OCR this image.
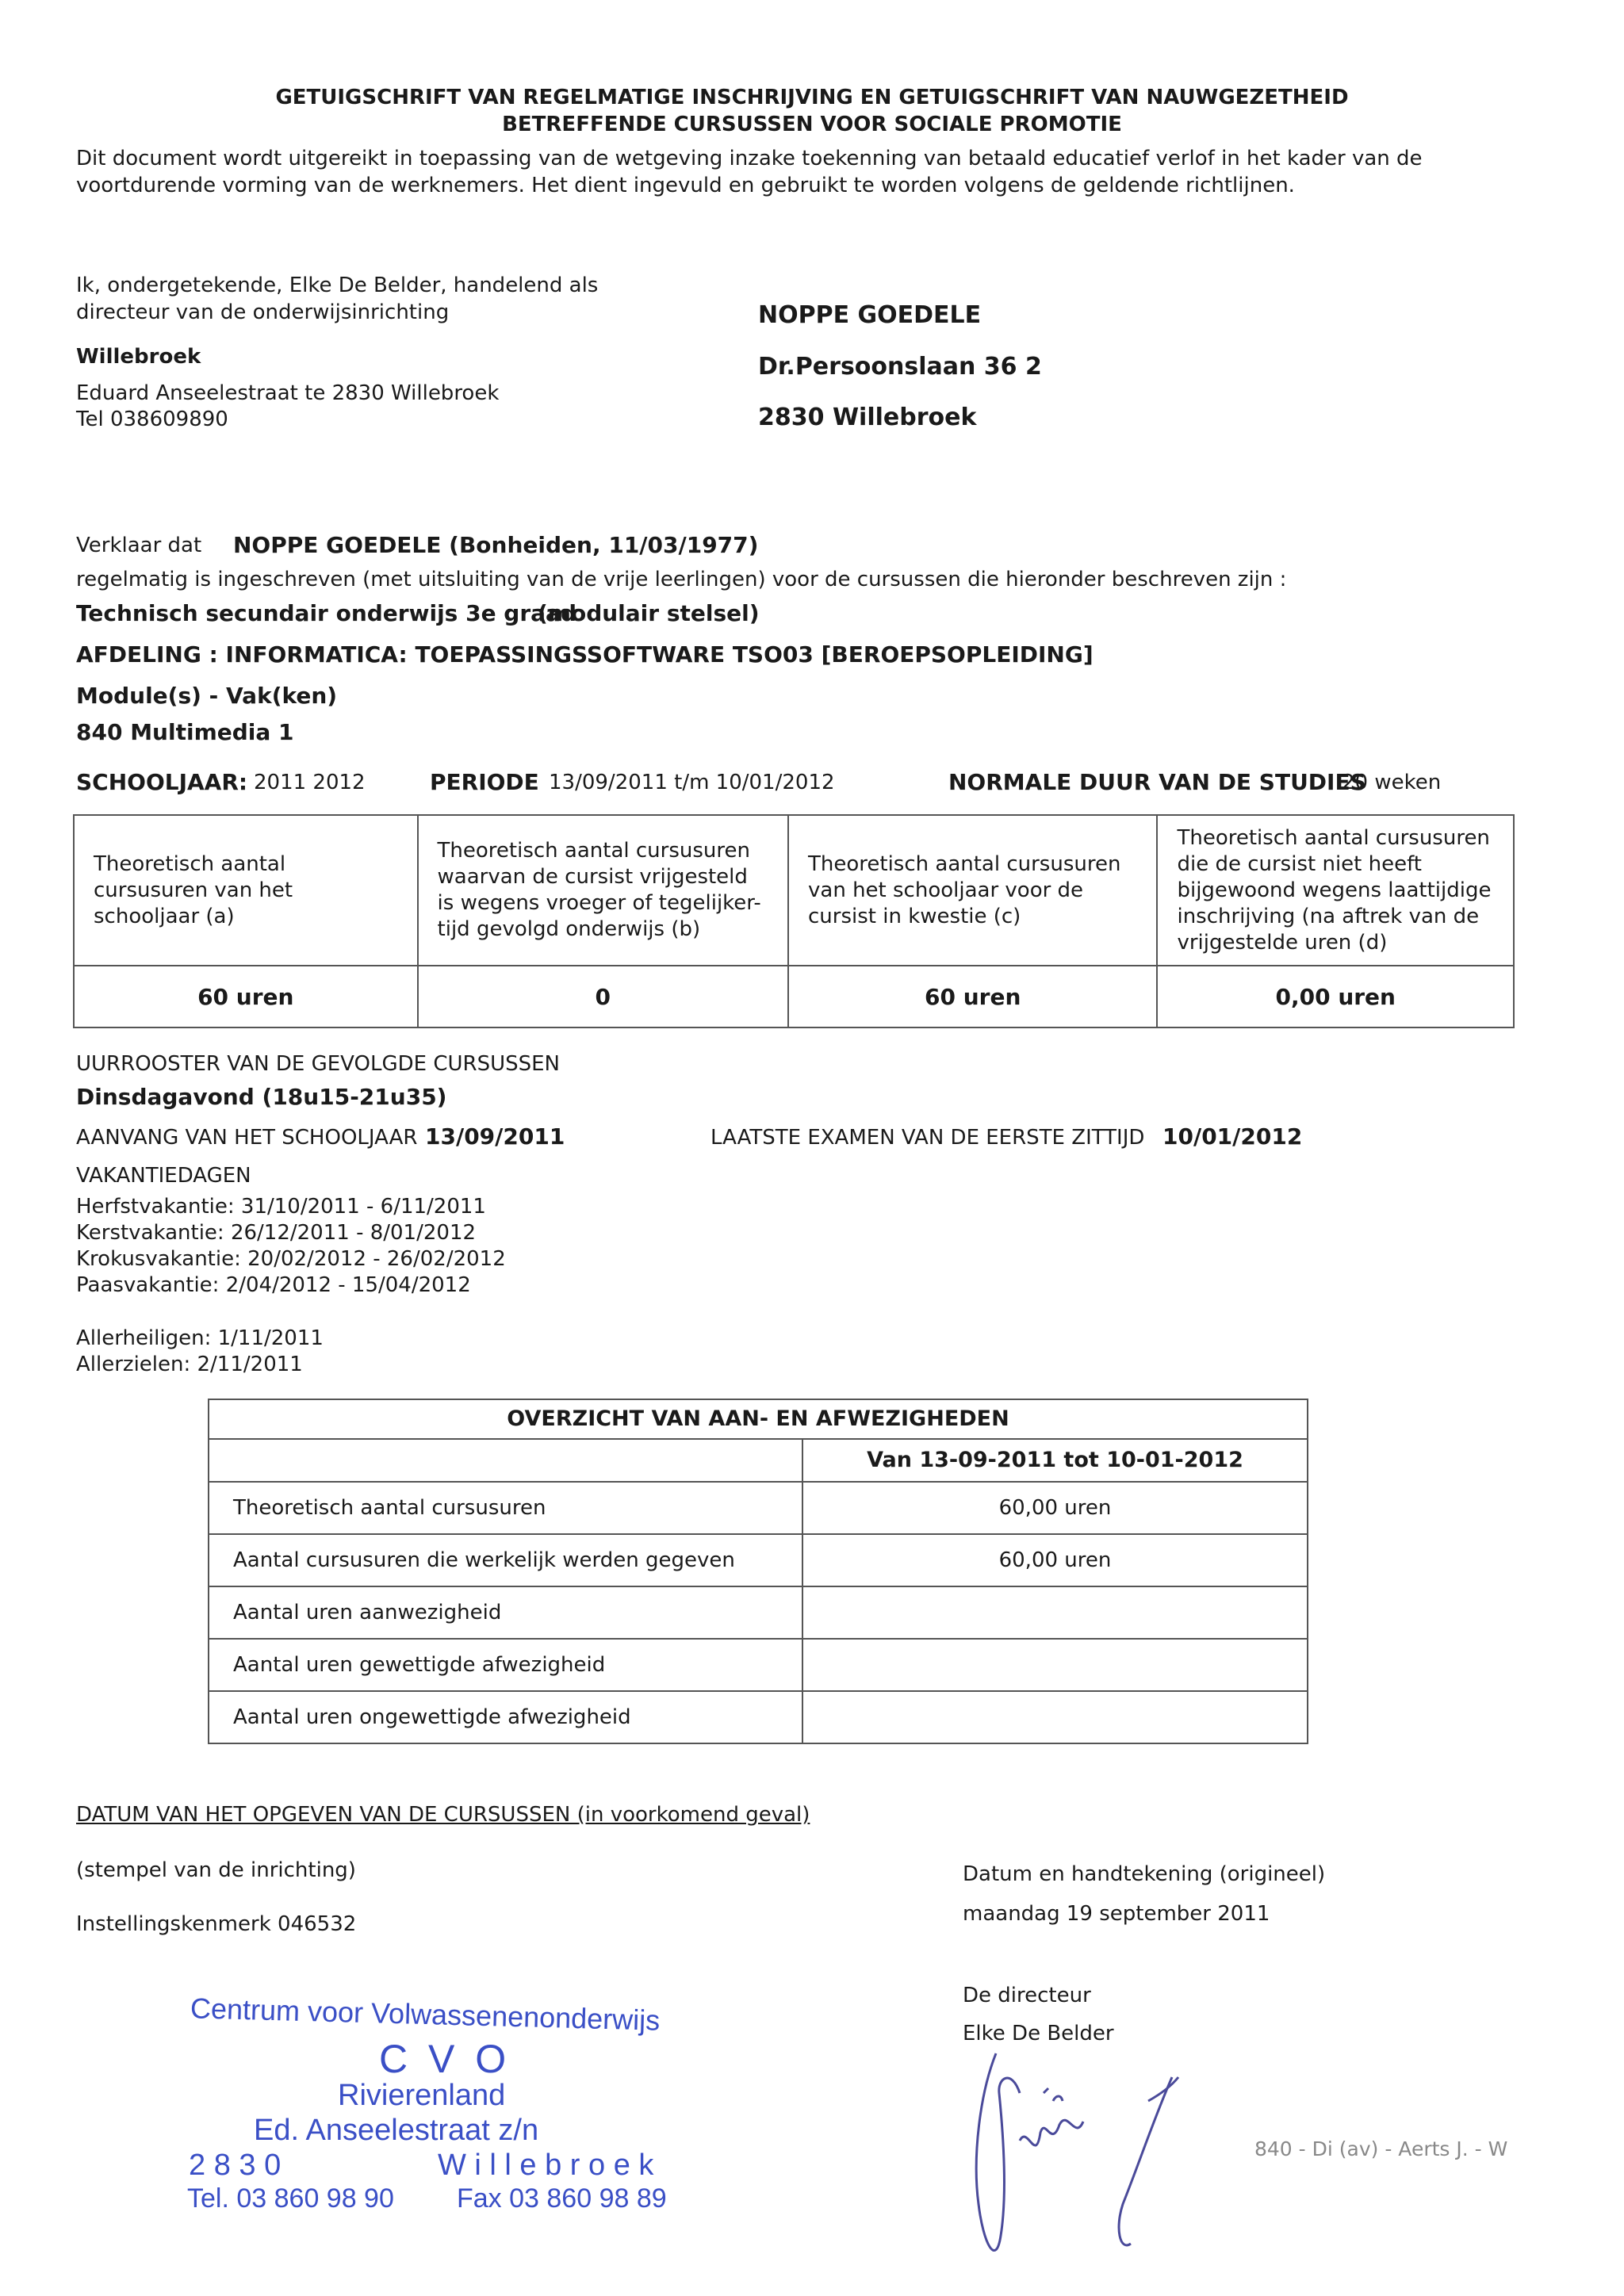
GETUIGSCHRIFT VAN REGELMATIGE INSCHRIJVING EN GETUIGSCHRIFT VAN NAUWGEZETHEID
BETREFFENDE CURSUSSEN VOOR SOCIALE PROMOTIE
Dit document wordt uitgereikt in toepassing van de wetgeving inzake toekenning van betaald educatief verlof in het kader van de voortdurende vorming van de werknemers. Het dient ingevuld en gebruikt te worden volgens de geldende richtlijnen.
Ik, ondergetekende, Elke De Belder, handelend als
directeur van de onderwijsinrichting
Willebroek
Eduard Anseelestraat te 2830 Willebroek
Tel 038609890
NOPPE GOEDELE
Dr.Persoonslaan 36 2
2830 Willebroek
Verklaar dat NOPPE GOEDELE (Bonheiden, 11/03/1977)
regelmatig is ingeschreven (met uitsluiting van de vrije leerlingen) voor de cursussen die hieronder beschreven zijn :
Technisch secundair onderwijs 3e graad
(modulair stelsel)
AFDELING : INFORMATICA: TOEPASSINGSSOFTWARE TSO03 [BEROEPSOPLEIDING]
Module(s) - Vak(ken)
840 Multimedia 1
SCHOOLJAAR: 2011 2012	PERIODE 13/09/2011 t/m 10/01/2012	NORMALE DUUR VAN DE STUDIES
20 weken
Theoretisch aantal cursusuren van het schooljaar (a)	Theoretisch aantal cursusuren waarvan de cursist vrijgesteld is wegens vroeger of tegelijker-tijd gevolgd onderwijs (b)	Theoretisch aantal cursusuren van het schooljaar voor de cursist in kwestie (c)	Theoretisch aantal cursusuren die de cursist niet heeft bijgewoond wegens laattijdige inschrijving (na aftrek van de vrijgestelde uren (d)
60 uren	0	60 uren	0,00 uren
UURROOSTER VAN DE GEVOLGDE CURSUSSEN
Dinsdagavond (18u15-21u35)
AANVANG VAN HET SCHOOLJAAR 13/09/2011	LAATSTE EXAMEN VAN DE EERSTE ZITTIJD 10/01/2012
VAKANTIEDAGEN
Herfstvakantie: 31/10/2011 - 6/11/2011
Kerstvakantie: 26/12/2011 - 8/01/2012
Krokusvakantie: 20/02/2012 - 26/02/2012
Paasvakantie: 2/04/2012 - 15/04/2012
Allerheiligen: 1/11/2011
Allerzielen: 2/11/2011
OVERZICHT VAN AAN- EN AFWEZIGHEDEN	
	Van 13-09-2011 tot 10-01-2012
Theoretisch aantal cursusuren	60,00 uren
Aantal cursusuren die werkelijk werden gegeven	60,00 uren
Aantal uren aanwezigheid	
Aantal uren gewettigde afwezigheid	
Aantal uren ongewettigde afwezigheid	
DATUM VAN HET OPGEVEN VAN DE CURSUSSEN (in voorkomend geval)
(stempel van de inrichting)
Instellingskenmerk 046532
Datum en handtekening (origineel)
maandag 19 september 2011
De directeur
Elke De Belder
840 - Di (av) - Aerts J. - W
Centrum voor Volwassenenonderwijs
C V O
Rivierenland
Ed. Anseelestraat z/n
2 8 3 0	W i l l e b r o e k
Tel. 03 860 98 90 Fax 03 860 98 89
